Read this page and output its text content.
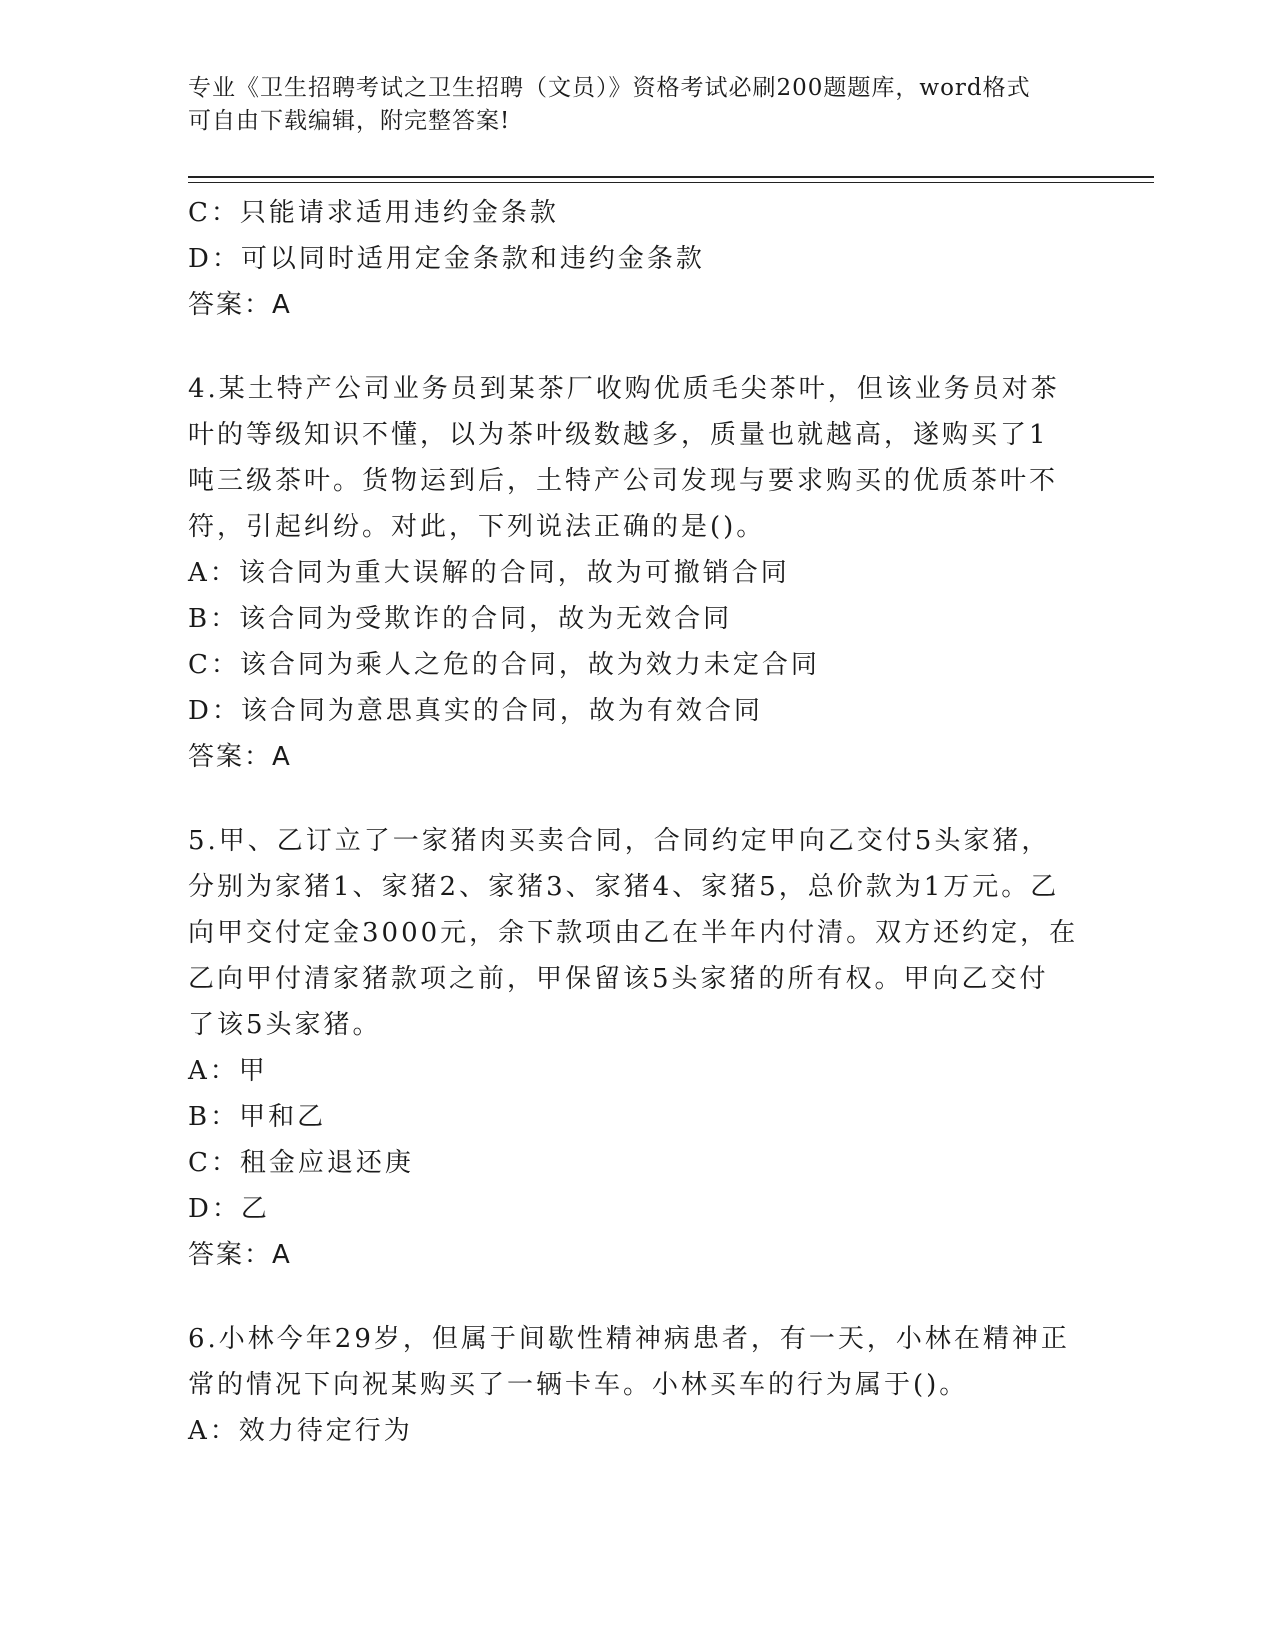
专业《卫生招聘考试之卫生招聘（文员）》资格考试必刷200题题库，word格式
可自由下载编辑，附完整答案!
C：只能请求适用违约金条款
D：可以同时适用定金条款和违约金条款
答案：A
4.某土特产公司业务员到某茶厂收购优质毛尖茶叶，但该业务员对茶
叶的等级知识不懂，以为茶叶级数越多，质量也就越高，遂购买了1
吨三级茶叶。货物运到后，土特产公司发现与要求购买的优质茶叶不
符，引起纠纷。对此，下列说法正确的是()。
A：该合同为重大误解的合同，故为可撤销合同
B：该合同为受欺诈的合同，故为无效合同
C：该合同为乘人之危的合同，故为效力未定合同
D：该合同为意思真实的合同，故为有效合同
答案：A
5.甲、乙订立了一家猪肉买卖合同，合同约定甲向乙交付5头家猪，
分别为家猪1、家猪2、家猪3、家猪4、家猪5，总价款为1万元。乙
向甲交付定金3000元，余下款项由乙在半年内付清。双方还约定，在
乙向甲付清家猪款项之前，甲保留该5头家猪的所有权。甲向乙交付
了该5头家猪。
A：甲
B：甲和乙
C：租金应退还庚
D：乙
答案：A
6.小林今年29岁，但属于间歇性精神病患者，有一天，小林在精神正
常的情况下向祝某购买了一辆卡车。小林买车的行为属于()。
A：效力待定行为
